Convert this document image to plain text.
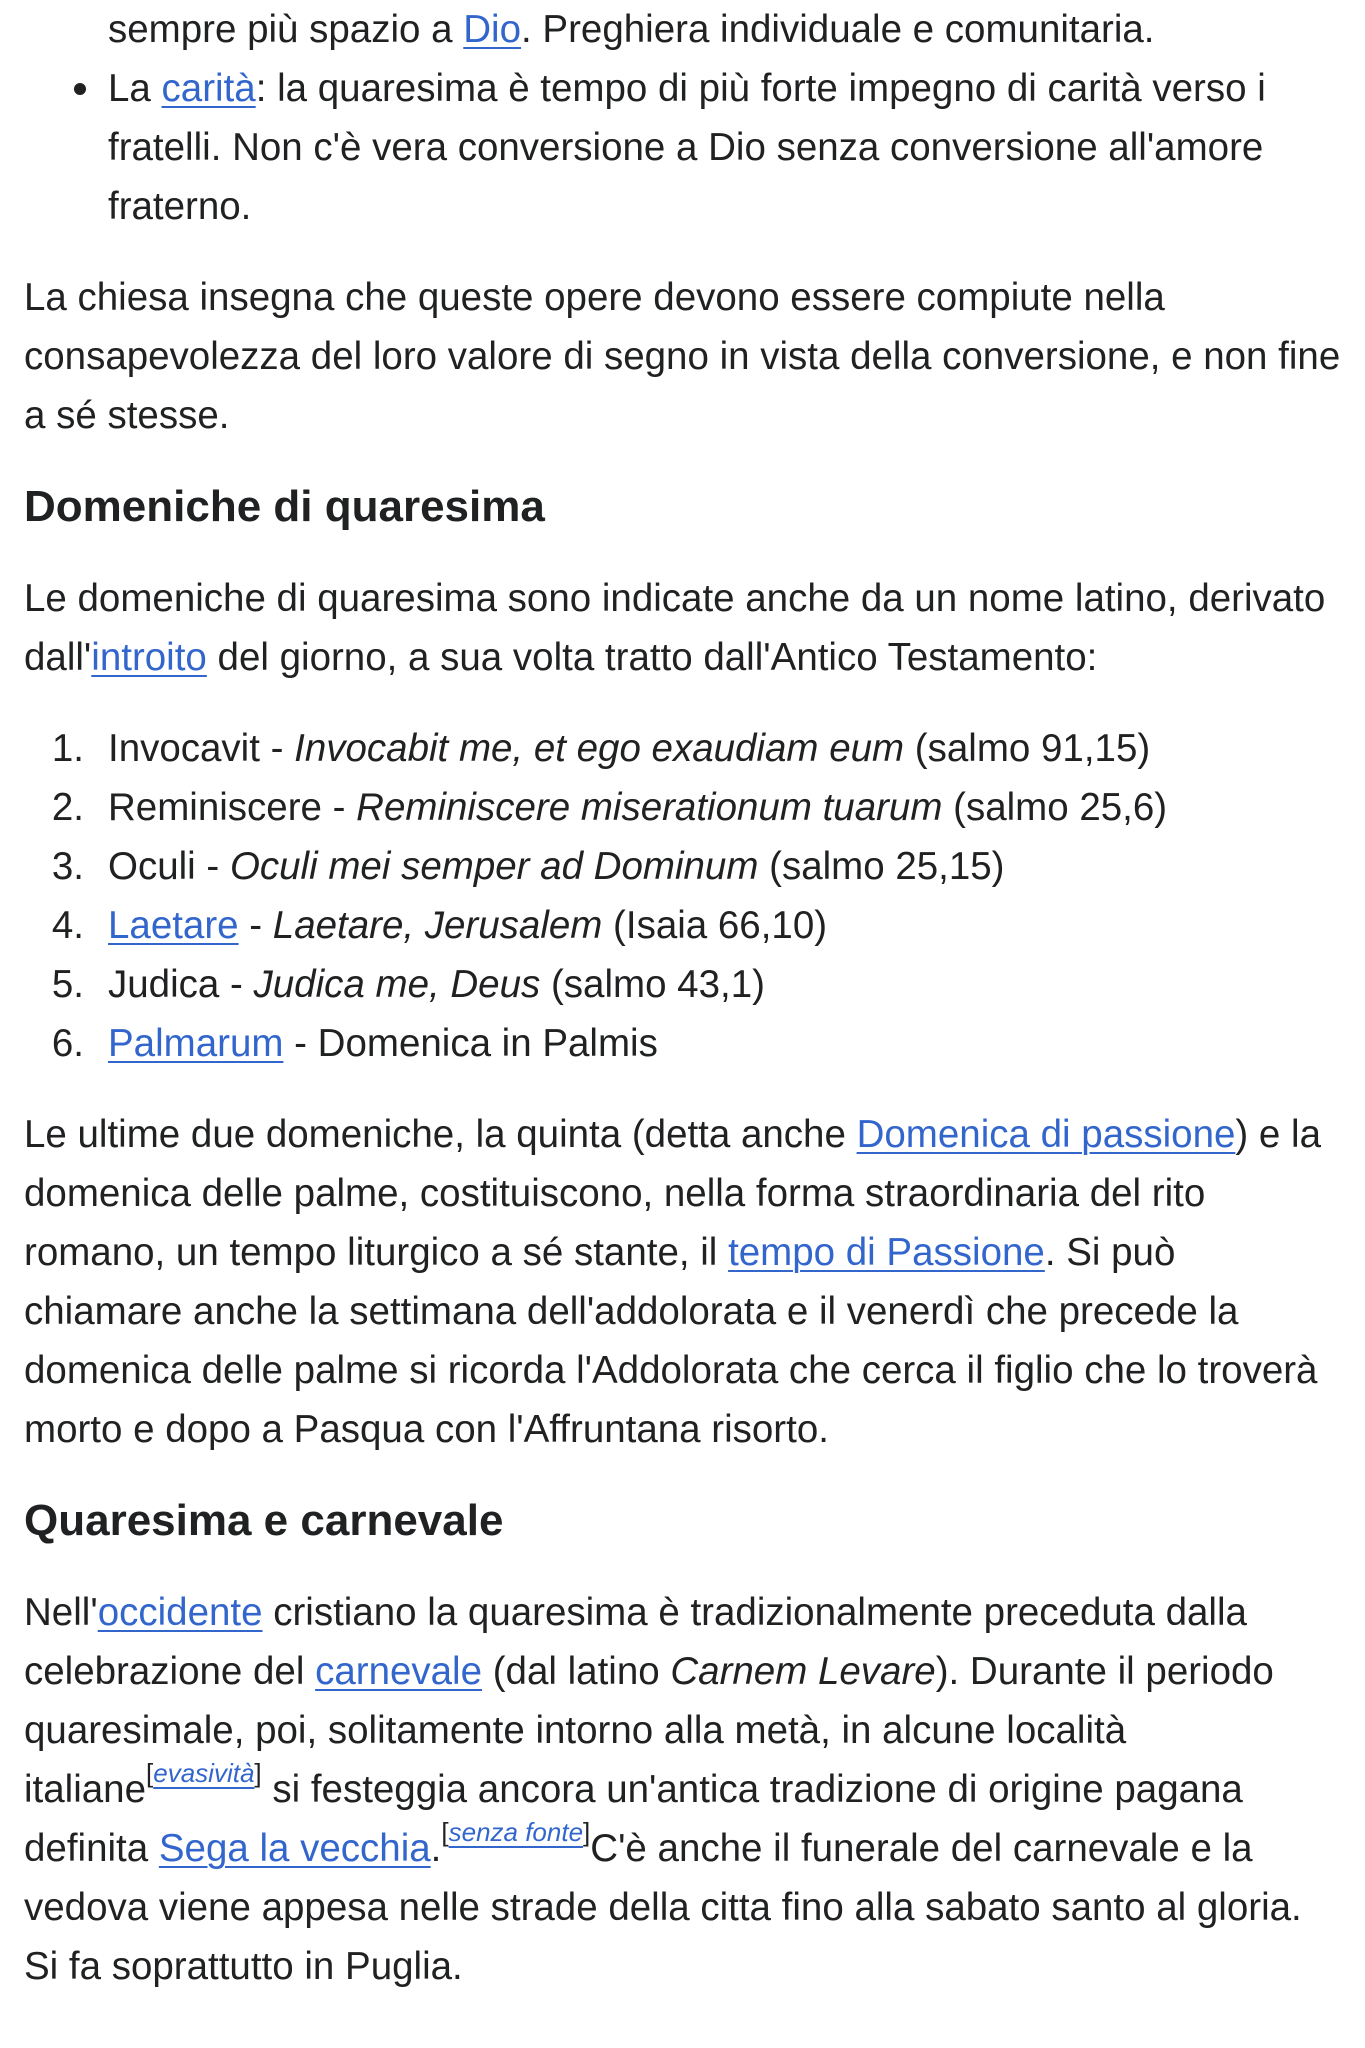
sempre più spazio a Dio. Preghiera individuale e comunitaria.
La carità: la quaresima è tempo di più forte impegno di carità verso i fratelli. Non c'è vera conversione a Dio senza conversione all'amore fraterno.

La chiesa insegna che queste opere devono essere compiute nella consapevolezza del loro valore di segno in vista della conversione, e non fine a sé stesse.

Domeniche di quaresima

Le domeniche di quaresima sono indicate anche da un nome latino, derivato dall'introito del giorno, a sua volta tratto dall'Antico Testamento:

1. Invocavit - Invocabit me, et ego exaudiam eum (salmo 91,15)
2. Reminiscere - Reminiscere miserationum tuarum (salmo 25,6)
3. Oculi - Oculi mei semper ad Dominum (salmo 25,15)
4. Laetare - Laetare, Jerusalem (Isaia 66,10)
5. Judica - Judica me, Deus (salmo 43,1)
6. Palmarum - Domenica in Palmis

Le ultime due domeniche, la quinta (detta anche Domenica di passione) e la domenica delle palme, costituiscono, nella forma straordinaria del rito romano, un tempo liturgico a sé stante, il tempo di Passione. Si può chiamare anche la settimana dell'addolorata e il venerdì che precede la domenica delle palme si ricorda l'Addolorata che cerca il figlio che lo troverà morto e dopo a Pasqua con l'Affruntana risorto.

Quaresima e carnevale

Nell'occidente cristiano la quaresima è tradizionalmente preceduta dalla celebrazione del carnevale (dal latino Carnem Levare). Durante il periodo quaresimale, poi, solitamente intorno alla metà, in alcune località italiane[evasività] si festeggia ancora un'antica tradizione di origine pagana definita Sega la vecchia.[senza fonte]C'è anche il funerale del carnevale e la vedova viene appesa nelle strade della citta fino alla sabato santo al gloria. Si fa soprattutto in Puglia.
